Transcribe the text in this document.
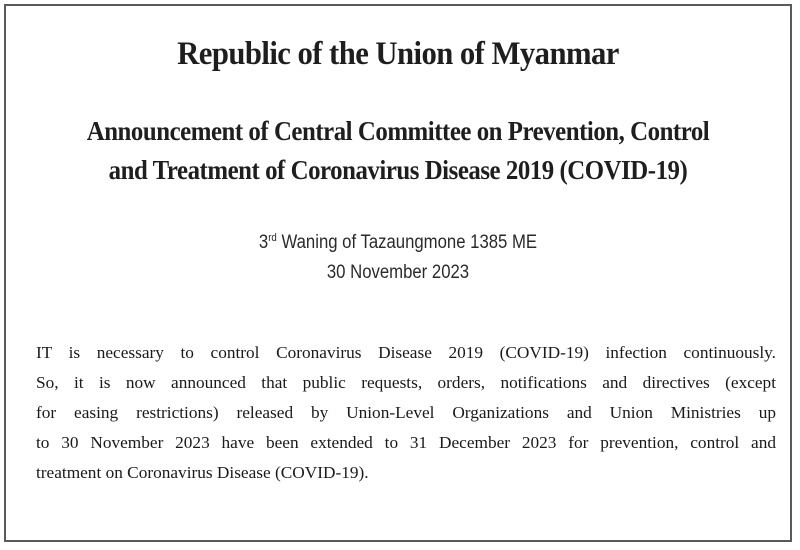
Republic of the Union of Myanmar
Announcement of Central Committee on Prevention, Control
and Treatment of Coronavirus Disease 2019 (COVID-19)
3rd Waning of Tazaungmone 1385 ME
30 November 2023

IT is necessary to control Coronavirus Disease 2019 (COVID-19) infection continuously.
So, it is now announced that public requests, orders, notifications and directives (except
for easing restrictions) released by Union-Level Organizations and Union Ministries up
to 30 November 2023 have been extended to 31 December 2023 for prevention, control and
treatment on Coronavirus Disease (COVID-19).
